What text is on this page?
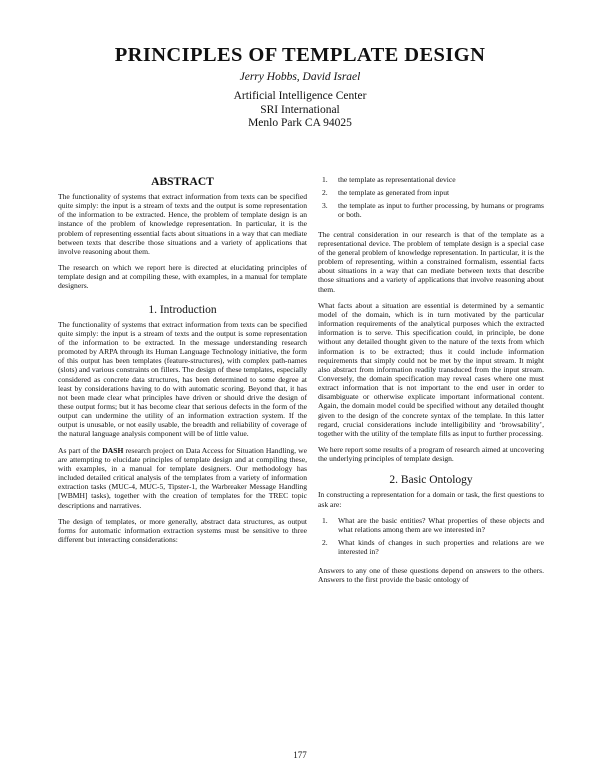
PRINCIPLES OF TEMPLATE DESIGN
Jerry Hobbs, David Israel
Artificial Intelligence Center
SRI International
Menlo Park CA 94025
ABSTRACT

The functionality of systems that extract information from texts can be specified quite simply: the input is a stream of texts and the output is some representation of the information to be extracted. Hence, the problem of template design is an instance of the problem of knowledge representation. In particular, it is the problem of representing essential facts about situations in a way that can mediate between texts that describe those situations and a variety of applications that involve reasoning about them.

The research on which we report here is directed at elucidating principles of template design and at compiling these, with examples, in a manual for template designers.

1. Introduction

The functionality of systems that extract information from texts can be specified quite simply: the input is a stream of texts and the output is some representation of the information to be extracted. In the message understanding research promoted by ARPA through its Human Language Technology initiative, the form of this output has been templates (feature-structures), with complex path-names (slots) and various constraints on fillers. The design of these templates, especially considered as concrete data structures, has been determined to some degree at least by considerations having to do with automatic scoring. Beyond that, it has not been made clear what principles have driven or should drive the design of these output forms; but it has become clear that serious defects in the form of the output can undermine the utility of an information extraction system. If the output is unusable, or not easily usable, the breadth and reliability of coverage of the natural language analysis component will be of little value.

As part of the DASH research project on Data Access for Situation Handling, we are attempting to elucidate principles of template design and at compiling these, with examples, in a manual for template designers. Our methodology has included detailed critical analysis of the templates from a variety of information extraction tasks (MUC-4, MUC-5, Tipster-1, the Warbreaker Message Handling [WBMH] tasks), together with the creation of templates for the TREC topic descriptions and narratives.

The design of templates, or more generally, abstract data structures, as output forms for automatic information extraction systems must be sensitive to three different but interacting considerations:

1. the template as representational device
2. the template as generated from input
3. the template as input to further processing, by humans or programs or both.

The central consideration in our research is that of the template as a representational device. The problem of template design is a special case of the general problem of knowledge representation. In particular, it is the problem of representing, within a constrained formalism, essential facts about situations in a way that can mediate between texts that describe those situations and a variety of applications that involve reasoning about them.

What facts about a situation are essential is determined by a semantic model of the domain, which is in turn motivated by the particular information requirements of the analytical purposes which the extracted information is to serve. This specification could, in principle, be done without any detailed thought given to the nature of the texts from which information is to be extracted; thus it could include information requirements that simply could not be met by the input stream. It might also abstract from information readily transduced from the input stream. Conversely, the domain specification may reveal cases where one must extract information that is not important to the end user in order to disambiguate or otherwise explicate important informational content. Again, the domain model could be specified without any detailed thought given to the design of the concrete syntax of the template. In this latter regard, crucial considerations include intelligibility and ‘browsability’, together with the utility of the template fills as input to further processing.

We here report some results of a program of research aimed at uncovering the underlying principles of template design.

2. Basic Ontology

In constructing a representation for a domain or task, the first questions to ask are:

1. What are the basic entities? What properties of these objects and what relations among them are we interested in?
2. What kinds of changes in such properties and relations are we interested in?

Answers to any one of these questions depend on answers to the others. Answers to the first provide the basic ontology of

177
